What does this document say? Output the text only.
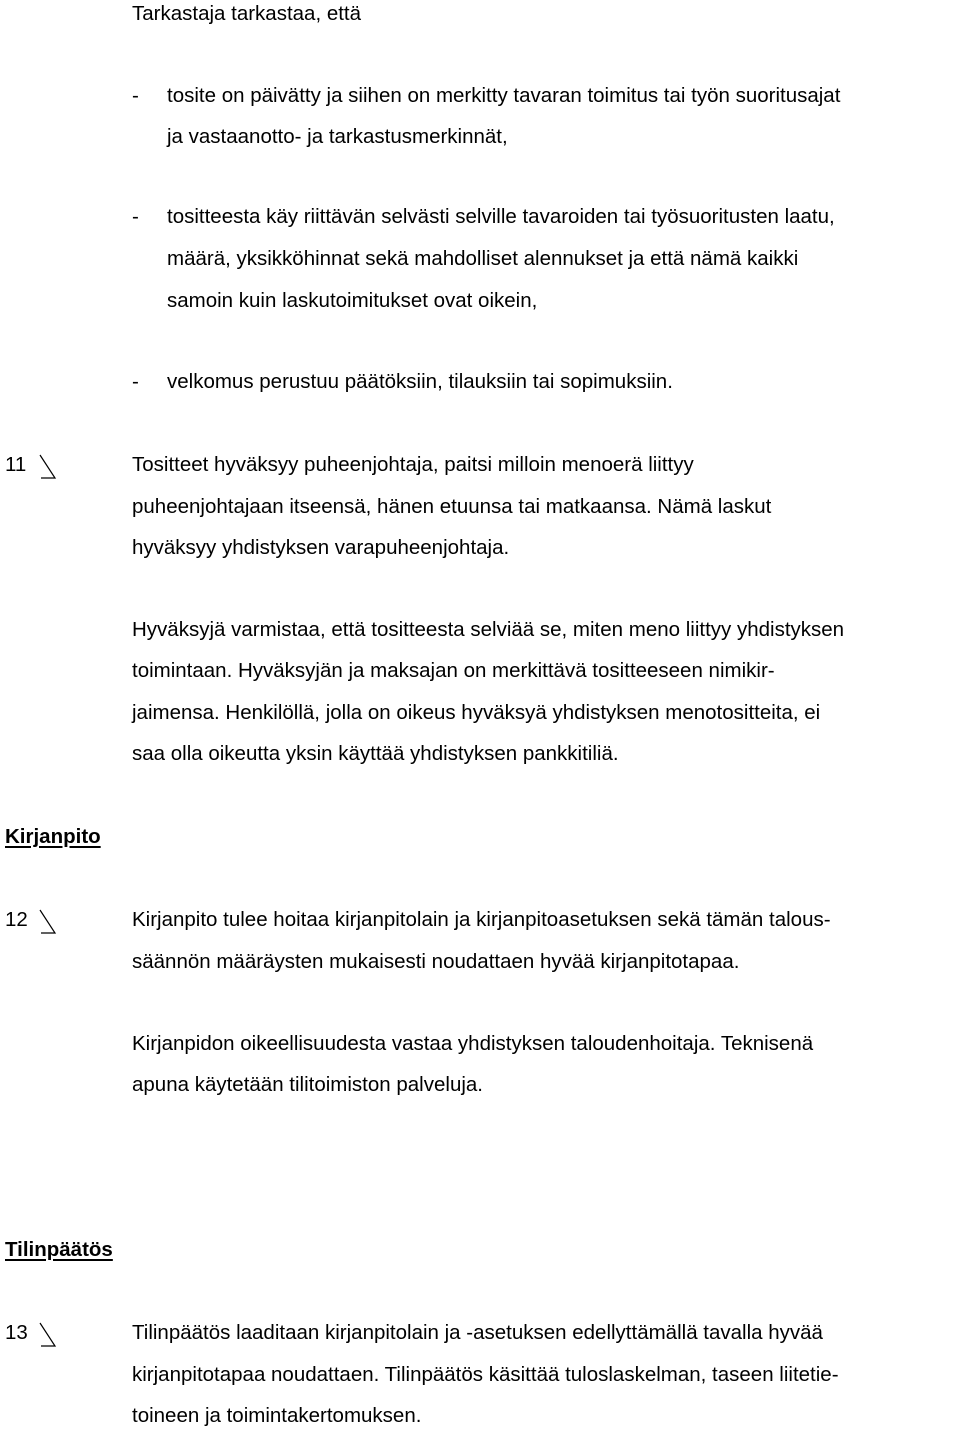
Tarkastaja tarkastaa, että
- tosite on päivätty ja siihen on merkitty tavaran toimitus tai työn suoritusajat
ja vastaanotto- ja tarkastusmerkinnät,
- tositteesta käy riittävän selvästi selville tavaroiden tai työsuoritusten laatu,
määrä, yksikköhinnat sekä mahdolliset alennukset ja että nämä kaikki
samoin kuin laskutoimitukset ovat oikein,
- velkomus perustuu päätöksiin, tilauksiin tai sopimuksiin.
11	Tositteet hyväksyy puheenjohtaja, paitsi milloin menoerä liittyy
puheenjohtajaan itseensä, hänen etuunsa tai matkaansa. Nämä laskut
hyväksyy yhdistyksen varapuheenjohtaja.
Hyväksyjä varmistaa, että tositteesta selviää se, miten meno liittyy yhdistyksen
toimintaan. Hyväksyjän ja maksajan on merkittävä tositteeseen nimikir-
jaimensa. Henkilöllä, jolla on oikeus hyväksyä yhdistyksen menotositteita, ei
saa olla oikeutta yksin käyttää yhdistyksen pankkitiliä.
Kirjanpito
12	Kirjanpito tulee hoitaa kirjanpitolain ja kirjanpitoasetuksen sekä tämän talous-
säännön määräysten mukaisesti noudattaen hyvää kirjanpitotapaa.
Kirjanpidon oikeellisuudesta vastaa yhdistyksen taloudenhoitaja. Teknisenä
apuna käytetään tilitoimiston palveluja.
Tilinpäätös
13	Tilinpäätös laaditaan kirjanpitolain ja -asetuksen edellyttämällä tavalla hyvää
kirjanpitotapaa noudattaen. Tilinpäätös käsittää tuloslaskelman, taseen liitetie-
toineen ja toimintakertomuksen.
